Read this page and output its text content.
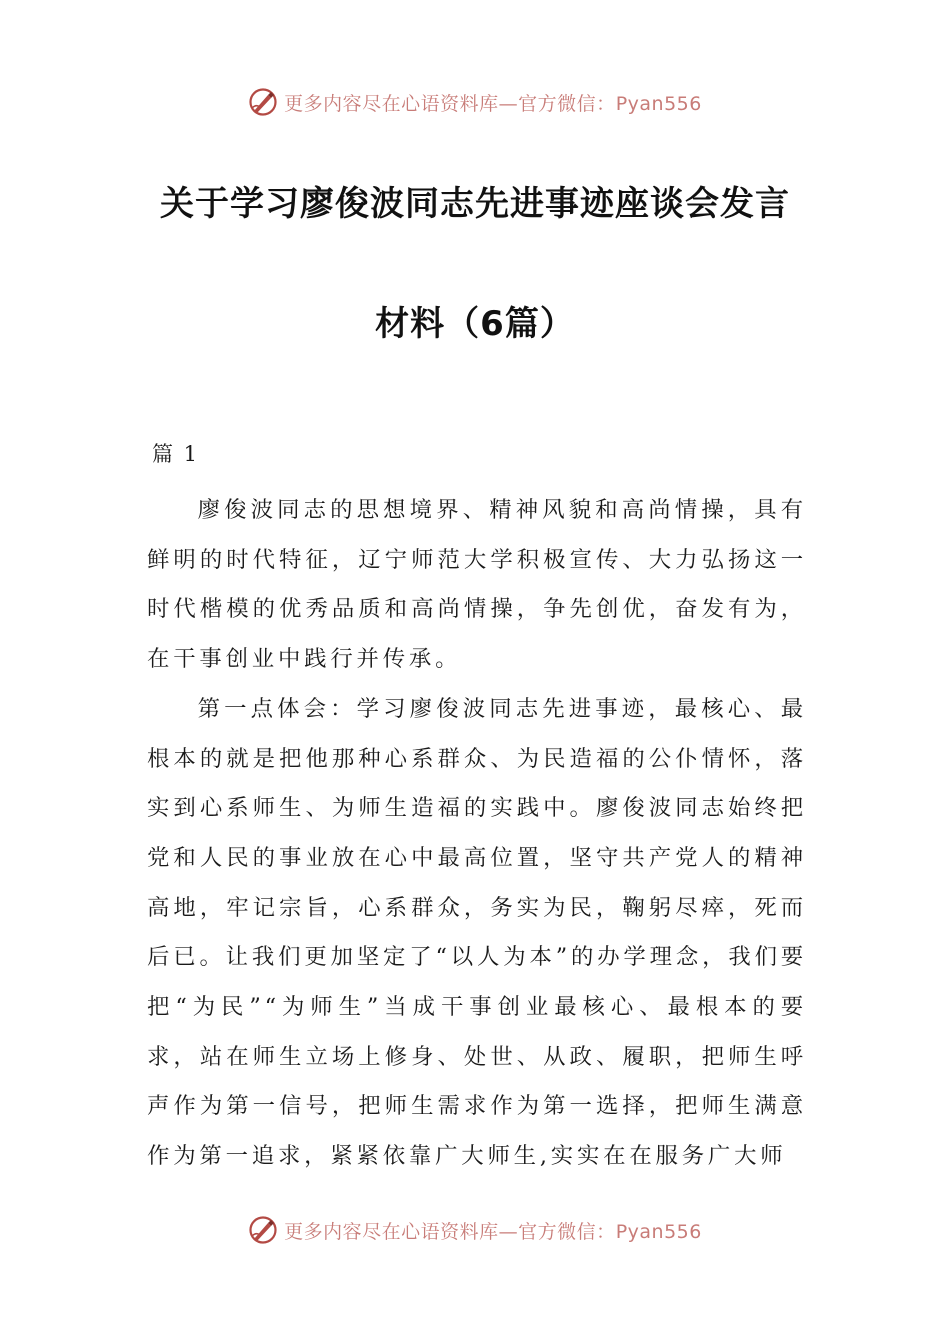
更多内容尽在心语资料库—官方微信：Pyan556
关于学习廖俊波同志先进事迹座谈会发言
材料（6篇）
篇 1

廖俊波同志的思想境界、精神风貌和高尚情操，具有鲜明的时代特征，辽宁师范大学积极宣传、大力弘扬这一时代楷模的优秀品质和高尚情操，争先创优，奋发有为，在干事创业中践行并传承。

第一点体会：学习廖俊波同志先进事迹，最核心、最根本的就是把他那种心系群众、为民造福的公仆情怀，落实到心系师生、为师生造福的实践中。廖俊波同志始终把党和人民的事业放在心中最高位置，坚守共产党人的精神高地，牢记宗旨，心系群众，务实为民，鞠躬尽瘁，死而后已。让我们更加坚定了“以人为本”的办学理念，我们要把“为民”“为师生”当成干事创业最核心、最根本的要求，站在师生立场上修身、处世、从政、履职，把师生呼声作为第一信号，把师生需求作为第一选择，把师生满意作为第一追求，紧紧依靠广大师生,实实在在服务广大师

更多内容尽在心语资料库—官方微信：Pyan556
